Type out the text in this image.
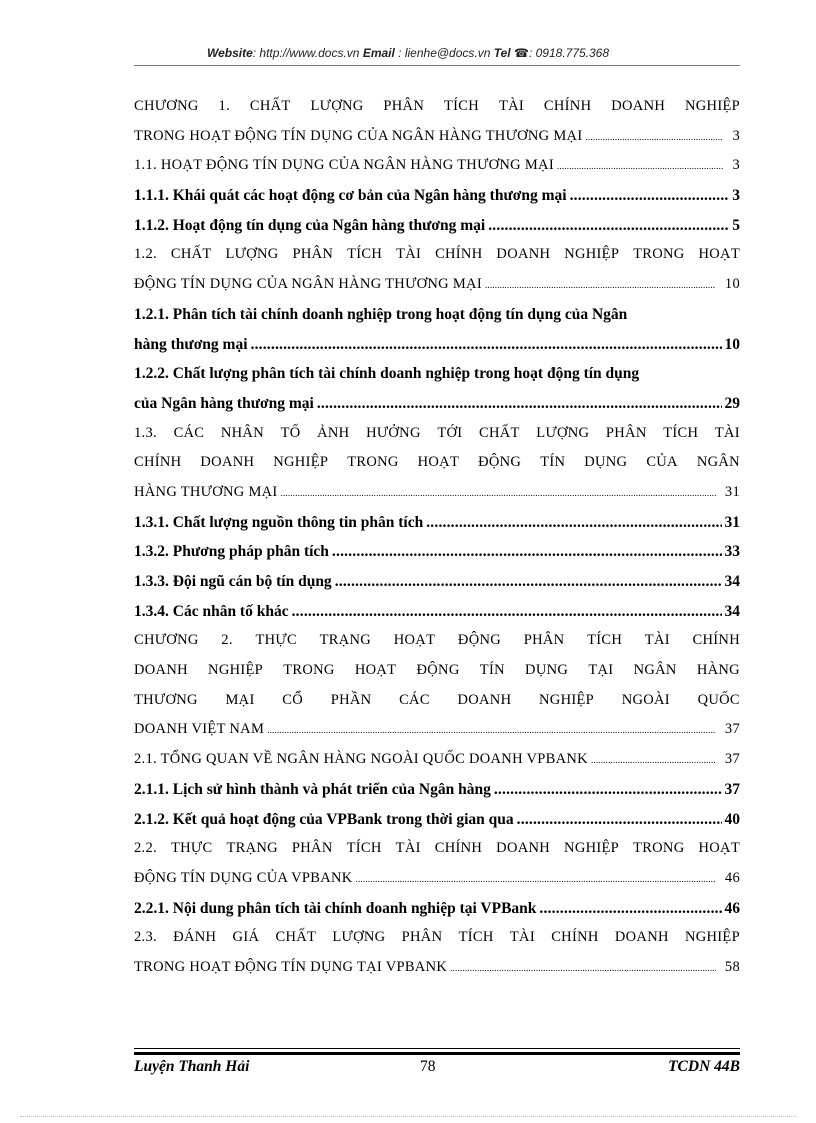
Website: http://www.docs.vn Email : lienhe@docs.vn Tel ☎: 0918.775.368
CHƯƠNG 1. CHẤT LƯỢNG PHÂN TÍCH TÀI CHÍNH DOANH NGHIỆP
TRONG HOẠT ĐỘNG TÍN DỤNG CỦA NGÂN HÀNG THƯƠNG MẠI .....	3
1.1. HOẠT ĐỘNG TÍN DỤNG CỦA NGÂN HÀNG THƯƠNG MẠI .....	3
1.1.1. Khái quát các hoạt động cơ bản của Ngân hàng thương mại .....	3
1.1.2. Hoạt động tín dụng của Ngân hàng thương mại .....	5
1.2. CHẤT LƯỢNG PHÂN TÍCH TÀI CHÍNH DOANH NGHIỆP TRONG HOẠT
ĐỘNG TÍN DỤNG CỦA NGÂN HÀNG THƯƠNG MẠI .....	10
1.2.1. Phân tích tài chính doanh nghiệp trong hoạt động tín dụng của Ngân
hàng thương mại .....	10
1.2.2. Chất lượng phân tích tài chính doanh nghiệp trong hoạt động tín dụng
của Ngân hàng thương mại .....	29
1.3. CÁC NHÂN TỐ ẢNH HƯỞNG TỚI CHẤT LƯỢNG PHÂN TÍCH TÀI
CHÍNH DOANH NGHIỆP TRONG HOẠT ĐỘNG TÍN DỤNG CỦA NGÂN
HÀNG THƯƠNG MẠI .....	31
1.3.1. Chất lượng nguồn thông tin phân tích .....	31
1.3.2. Phương pháp phân tích .....	33
1.3.3. Đội ngũ cán bộ tín dụng .....	34
1.3.4. Các nhân tố khác .....	34
CHƯƠNG 2. THỰC TRẠNG HOẠT ĐỘNG PHÂN TÍCH TÀI CHÍNH
DOANH NGHIỆP TRONG HOẠT ĐỘNG TÍN DỤNG TẠI NGÂN HÀNG
THƯƠNG MẠI CỔ PHẦN CÁC DOANH NGHIỆP NGOÀI QUỐC
DOANH VIỆT NAM .....	37
2.1. TỔNG QUAN VỀ NGÂN HÀNG NGOÀI QUỐC DOANH VPBANK .....	37
2.1.1. Lịch sử hình thành và phát triển của Ngân hàng .....	37
2.1.2. Kết quả hoạt động của VPBank trong thời gian qua .....	40
2.2. THỰC TRẠNG PHÂN TÍCH TÀI CHÍNH DOANH NGHIỆP TRONG HOẠT
ĐỘNG TÍN DỤNG CỦA VPBANK .....	46
2.2.1. Nội dung phân tích tài chính doanh nghiệp tại VPBank .....	46
2.3. ĐÁNH GIÁ CHẤT LƯỢNG PHÂN TÍCH TÀI CHÍNH DOANH NGHIỆP
TRONG HOẠT ĐỘNG TÍN DỤNG TẠI VPBANK .....	58
Luyện Thanh Hải	78	TCDN 44B
